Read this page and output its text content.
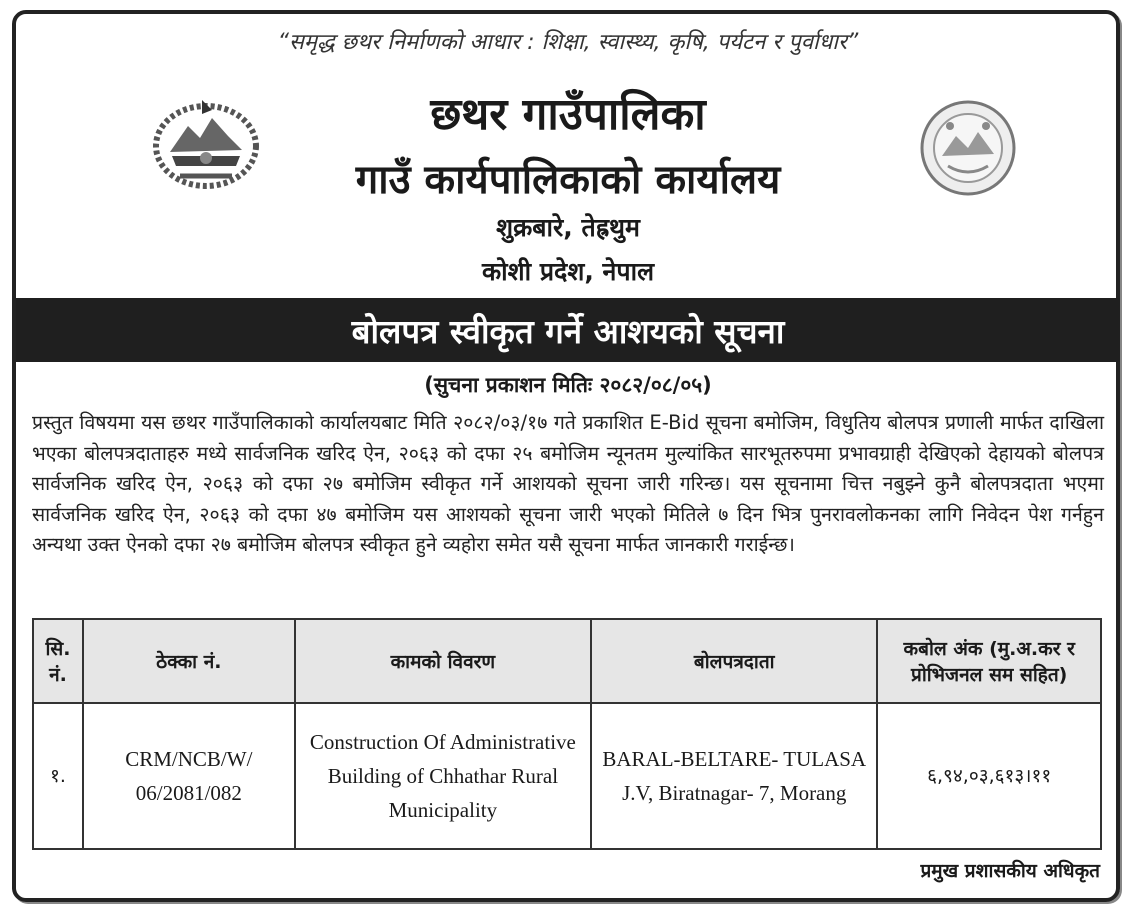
“समृद्ध छथर निर्माणको आधार : शिक्षा, स्वास्थ्य, कृषि, पर्यटन र पुर्वाधार”
छथर गाउँपालिका
गाउँ कार्यपालिकाको कार्यालय
शुक्रबारे, तेह्रथुम
कोशी प्रदेश, नेपाल
बोलपत्र स्वीकृत गर्ने आशयको सूचना
(सुचना प्रकाशन मितिः २०८२/०८/०५)
प्रस्तुत विषयमा यस छथर गाउँपालिकाको कार्यालयबाट मिति २०८२/०३/१७ गते प्रकाशित E-Bid सूचना बमोजिम, विधुतिय बोलपत्र प्रणाली मार्फत दाखिला भएका बोलपत्रदाताहरु मध्ये सार्वजनिक खरिद ऐन, २०६३ को दफा २५ बमोजिम न्यूनतम मुल्यांकित सारभूतरुपमा प्रभावग्राही देखिएको देहायको बोलपत्र सार्वजनिक खरिद ऐन, २०६३ को दफा २७ बमोजिम स्वीकृत गर्ने आशयको सूचना जारी गरिन्छ। यस सूचनामा चित्त नबुझ्ने कुनै बोलपत्रदाता भएमा सार्वजनिक खरिद ऐन, २०६३ को दफा ४७ बमोजिम यस आशयको सूचना जारी भएको मितिले ७ दिन भित्र पुनरावलोकनका लागि निवेदन पेश गर्नहुन अन्यथा उक्त ऐनको दफा २७ बमोजिम बोलपत्र स्वीकृत हुने व्यहोरा समेत यसै सूचना मार्फत जानकारी गराईन्छ।
सि. नं.	ठेक्का नं.	कामको विवरण	बोलपत्रदाता	कबोल अंक (मु.अ.कर र प्रोभिजनल सम सहित)
१.	CRM/NCB/W/ 06/2081/082	Construction Of Administrative Building of Chhathar Rural Municipality	BARAL-BELTARE- TULASA J.V, Biratnagar- 7, Morang	६,९४,०३,६१३।११
प्रमुख प्रशासकीय अधिकृत
